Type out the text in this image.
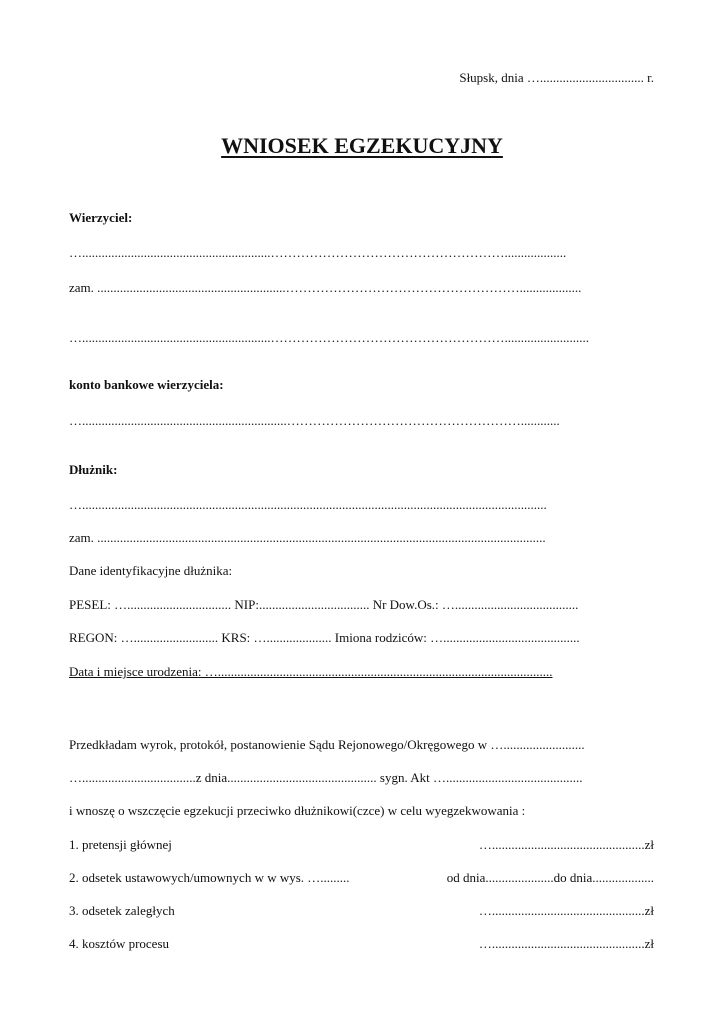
Słupsk, dnia …................................ r.
WNIOSEK EGZEKUCYJNY
Wierzyciel:
…..........................................................………………………………………………...................
zam. ..........................................................………………………………………………...................
…..........................................................………………………………………………..........................
konto bankowe wierzyciela:
…...............................................................………………………………………………............
Dłużnik:
…...............................................................................................................................................
zam. ..........................................................................................................................................
Dane identyfikacyjne dłużnika:
PESEL: …................................ NIP:.................................. Nr Dow.Os.: …......................................
REGON: ….......................... KRS: ….................... Imiona rodziców: …..........................................
Data i miejsce urodzenia: ….......................................................................................................
Przedkładam wyrok, protokół, postanowienie Sądu Rejonowego/Okręgowego w ….........................
…...................................z dnia.............................................. sygn. Akt …..........................................
i wnoszę o wszczęcie egzekucji przeciwko dłużnikowi(czce) w celu wyegzekwowania :
1. pretensji głównej	…...............................................zł
2. odsetek ustawowych/umownych w w wys. ….........	od dnia.....................do dnia...................
3. odsetek zaległych	…...............................................zł
4. kosztów procesu	…...............................................zł
